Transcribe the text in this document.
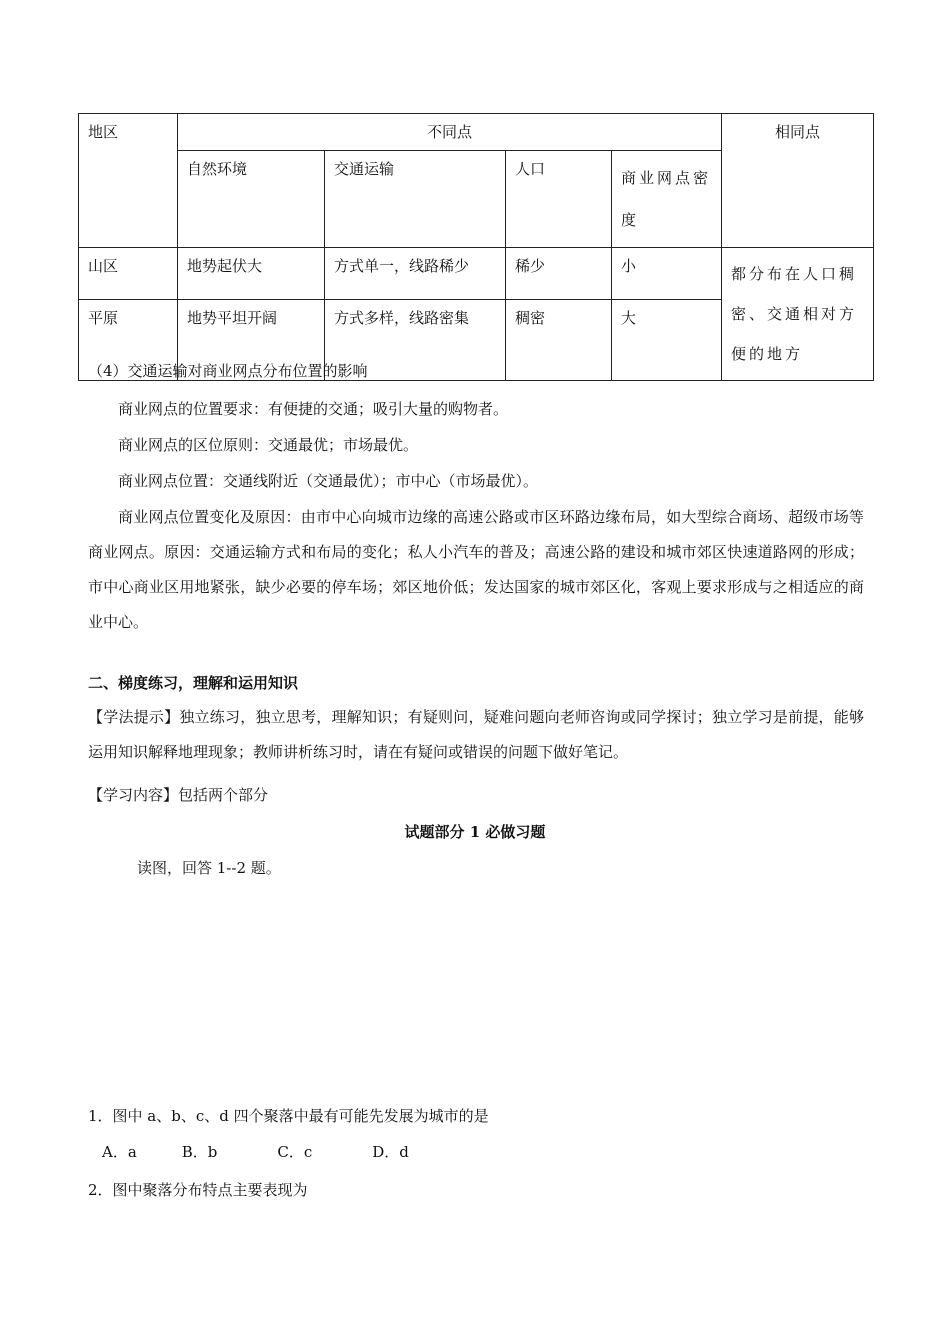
地区	不同点				相同点
	自然环境	交通运输	人口	商业网点密度	
山区	地势起伏大	方式单一，线路稀少	稀少	小	都分布在人口稠密、交通相对方便的地方
平原	地势平坦开阔	方式多样，线路密集	稠密	大	
（4）交通运输对商业网点分布位置的影响
商业网点的位置要求：有便捷的交通；吸引大量的购物者。
商业网点的区位原则：交通最优；市场最优。
商业网点位置：交通线附近（交通最优）；市中心（市场最优）。
商业网点位置变化及原因：由市中心向城市边缘的高速公路或市区环路边缘布局，如大型综合商场、超级市场等商业网点。原因：交通运输方式和布局的变化；私人小汽车的普及；高速公路的建设和城市郊区快速道路网的形成；市中心商业区用地紧张，缺少必要的停车场；郊区地价低；发达国家的城市郊区化，客观上要求形成与之相适应的商业中心。
二、梯度练习，理解和运用知识
【学法提示】独立练习，独立思考，理解知识；有疑则问，疑难问题向老师咨询或同学探讨；独立学习是前提，能够运用知识解释地理现象；教师讲析练习时，请在有疑问或错误的问题下做好笔记。
【学习内容】包括两个部分
试题部分 1 必做习题
读图，回答 1--2 题。
1．图中 a、b、c、d 四个聚落中最有可能先发展为城市的是
A．a　　　B．b　　　　C．c　　　　D．d
2．图中聚落分布特点主要表现为
